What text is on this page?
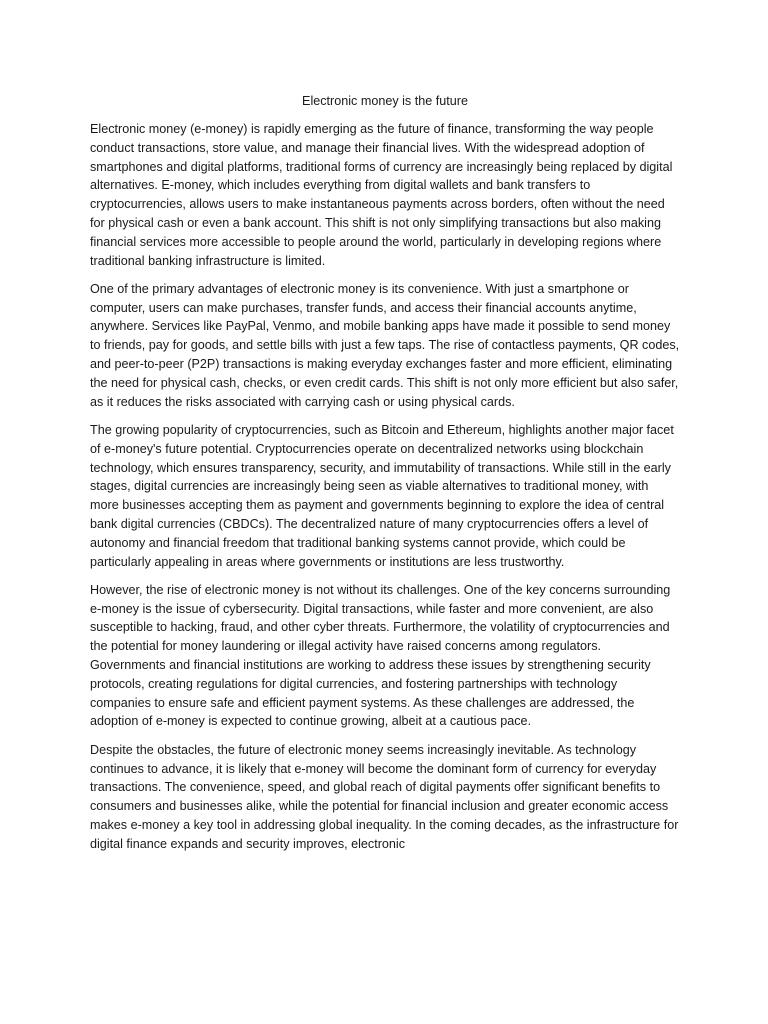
Electronic money is the future

Electronic money (e-money) is rapidly emerging as the future of finance, transforming the way people conduct transactions, store value, and manage their financial lives. With the widespread adoption of smartphones and digital platforms, traditional forms of currency are increasingly being replaced by digital alternatives. E-money, which includes everything from digital wallets and bank transfers to cryptocurrencies, allows users to make instantaneous payments across borders, often without the need for physical cash or even a bank account. This shift is not only simplifying transactions but also making financial services more accessible to people around the world, particularly in developing regions where traditional banking infrastructure is limited.

One of the primary advantages of electronic money is its convenience. With just a smartphone or computer, users can make purchases, transfer funds, and access their financial accounts anytime, anywhere. Services like PayPal, Venmo, and mobile banking apps have made it possible to send money to friends, pay for goods, and settle bills with just a few taps. The rise of contactless payments, QR codes, and peer-to-peer (P2P) transactions is making everyday exchanges faster and more efficient, eliminating the need for physical cash, checks, or even credit cards. This shift is not only more efficient but also safer, as it reduces the risks associated with carrying cash or using physical cards.

The growing popularity of cryptocurrencies, such as Bitcoin and Ethereum, highlights another major facet of e-money's future potential. Cryptocurrencies operate on decentralized networks using blockchain technology, which ensures transparency, security, and immutability of transactions. While still in the early stages, digital currencies are increasingly being seen as viable alternatives to traditional money, with more businesses accepting them as payment and governments beginning to explore the idea of central bank digital currencies (CBDCs). The decentralized nature of many cryptocurrencies offers a level of autonomy and financial freedom that traditional banking systems cannot provide, which could be particularly appealing in areas where governments or institutions are less trustworthy.

However, the rise of electronic money is not without its challenges. One of the key concerns surrounding e-money is the issue of cybersecurity. Digital transactions, while faster and more convenient, are also susceptible to hacking, fraud, and other cyber threats. Furthermore, the volatility of cryptocurrencies and the potential for money laundering or illegal activity have raised concerns among regulators. Governments and financial institutions are working to address these issues by strengthening security protocols, creating regulations for digital currencies, and fostering partnerships with technology companies to ensure safe and efficient payment systems. As these challenges are addressed, the adoption of e-money is expected to continue growing, albeit at a cautious pace.

Despite the obstacles, the future of electronic money seems increasingly inevitable. As technology continues to advance, it is likely that e-money will become the dominant form of currency for everyday transactions. The convenience, speed, and global reach of digital payments offer significant benefits to consumers and businesses alike, while the potential for financial inclusion and greater economic access makes e-money a key tool in addressing global inequality. In the coming decades, as the infrastructure for digital finance expands and security improves, electronic
